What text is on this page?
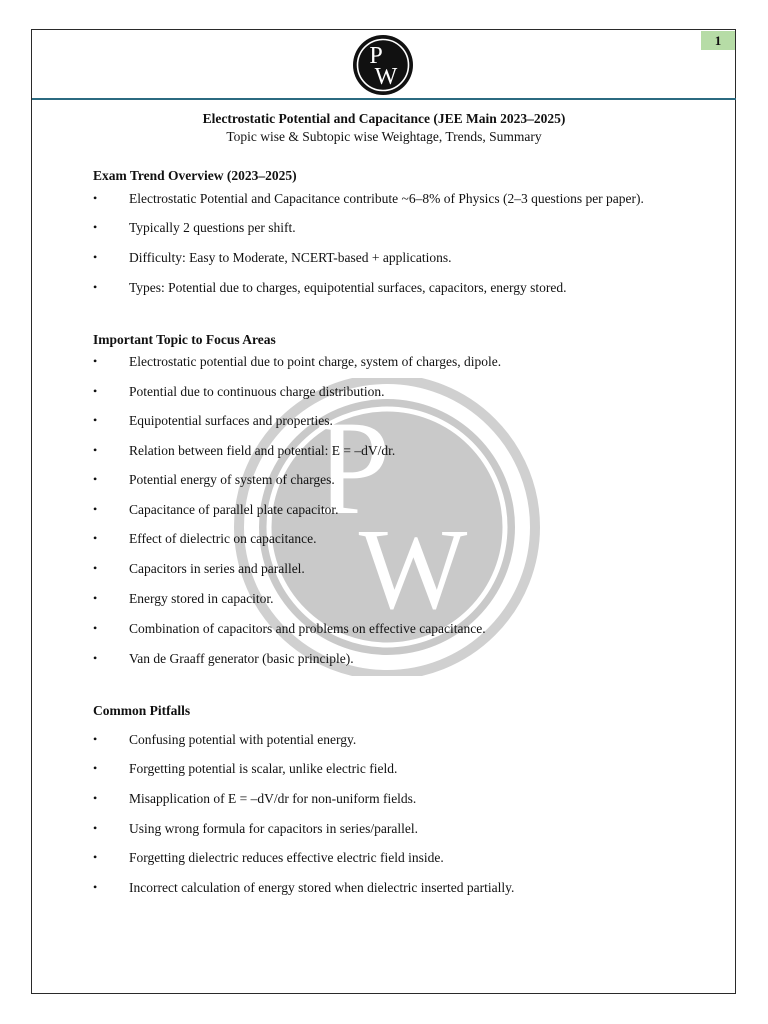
1
P
W
P
W
Electrostatic Potential and Capacitance (JEE Main 2023–2025)
Topic wise & Subtopic wise Weightage, Trends, Summary
Exam Trend Overview (2023–2025)
• Electrostatic Potential and Capacitance contribute ~6–8% of Physics (2–3 questions per paper).
• Typically 2 questions per shift.
• Difficulty: Easy to Moderate, NCERT-based + applications.
• Types: Potential due to charges, equipotential surfaces, capacitors, energy stored.
Important Topic to Focus Areas
• Electrostatic potential due to point charge, system of charges, dipole.
• Potential due to continuous charge distribution.
• Equipotential surfaces and properties.
• Relation between field and potential: E = –dV/dr.
• Potential energy of system of charges.
• Capacitance of parallel plate capacitor.
• Effect of dielectric on capacitance.
• Capacitors in series and parallel.
• Energy stored in capacitor.
• Combination of capacitors and problems on effective capacitance.
• Van de Graaff generator (basic principle).
Common Pitfalls
• Confusing potential with potential energy.
• Forgetting potential is scalar, unlike electric field.
• Misapplication of E = –dV/dr for non-uniform fields.
• Using wrong formula for capacitors in series/parallel.
• Forgetting dielectric reduces effective electric field inside.
• Incorrect calculation of energy stored when dielectric inserted partially.
